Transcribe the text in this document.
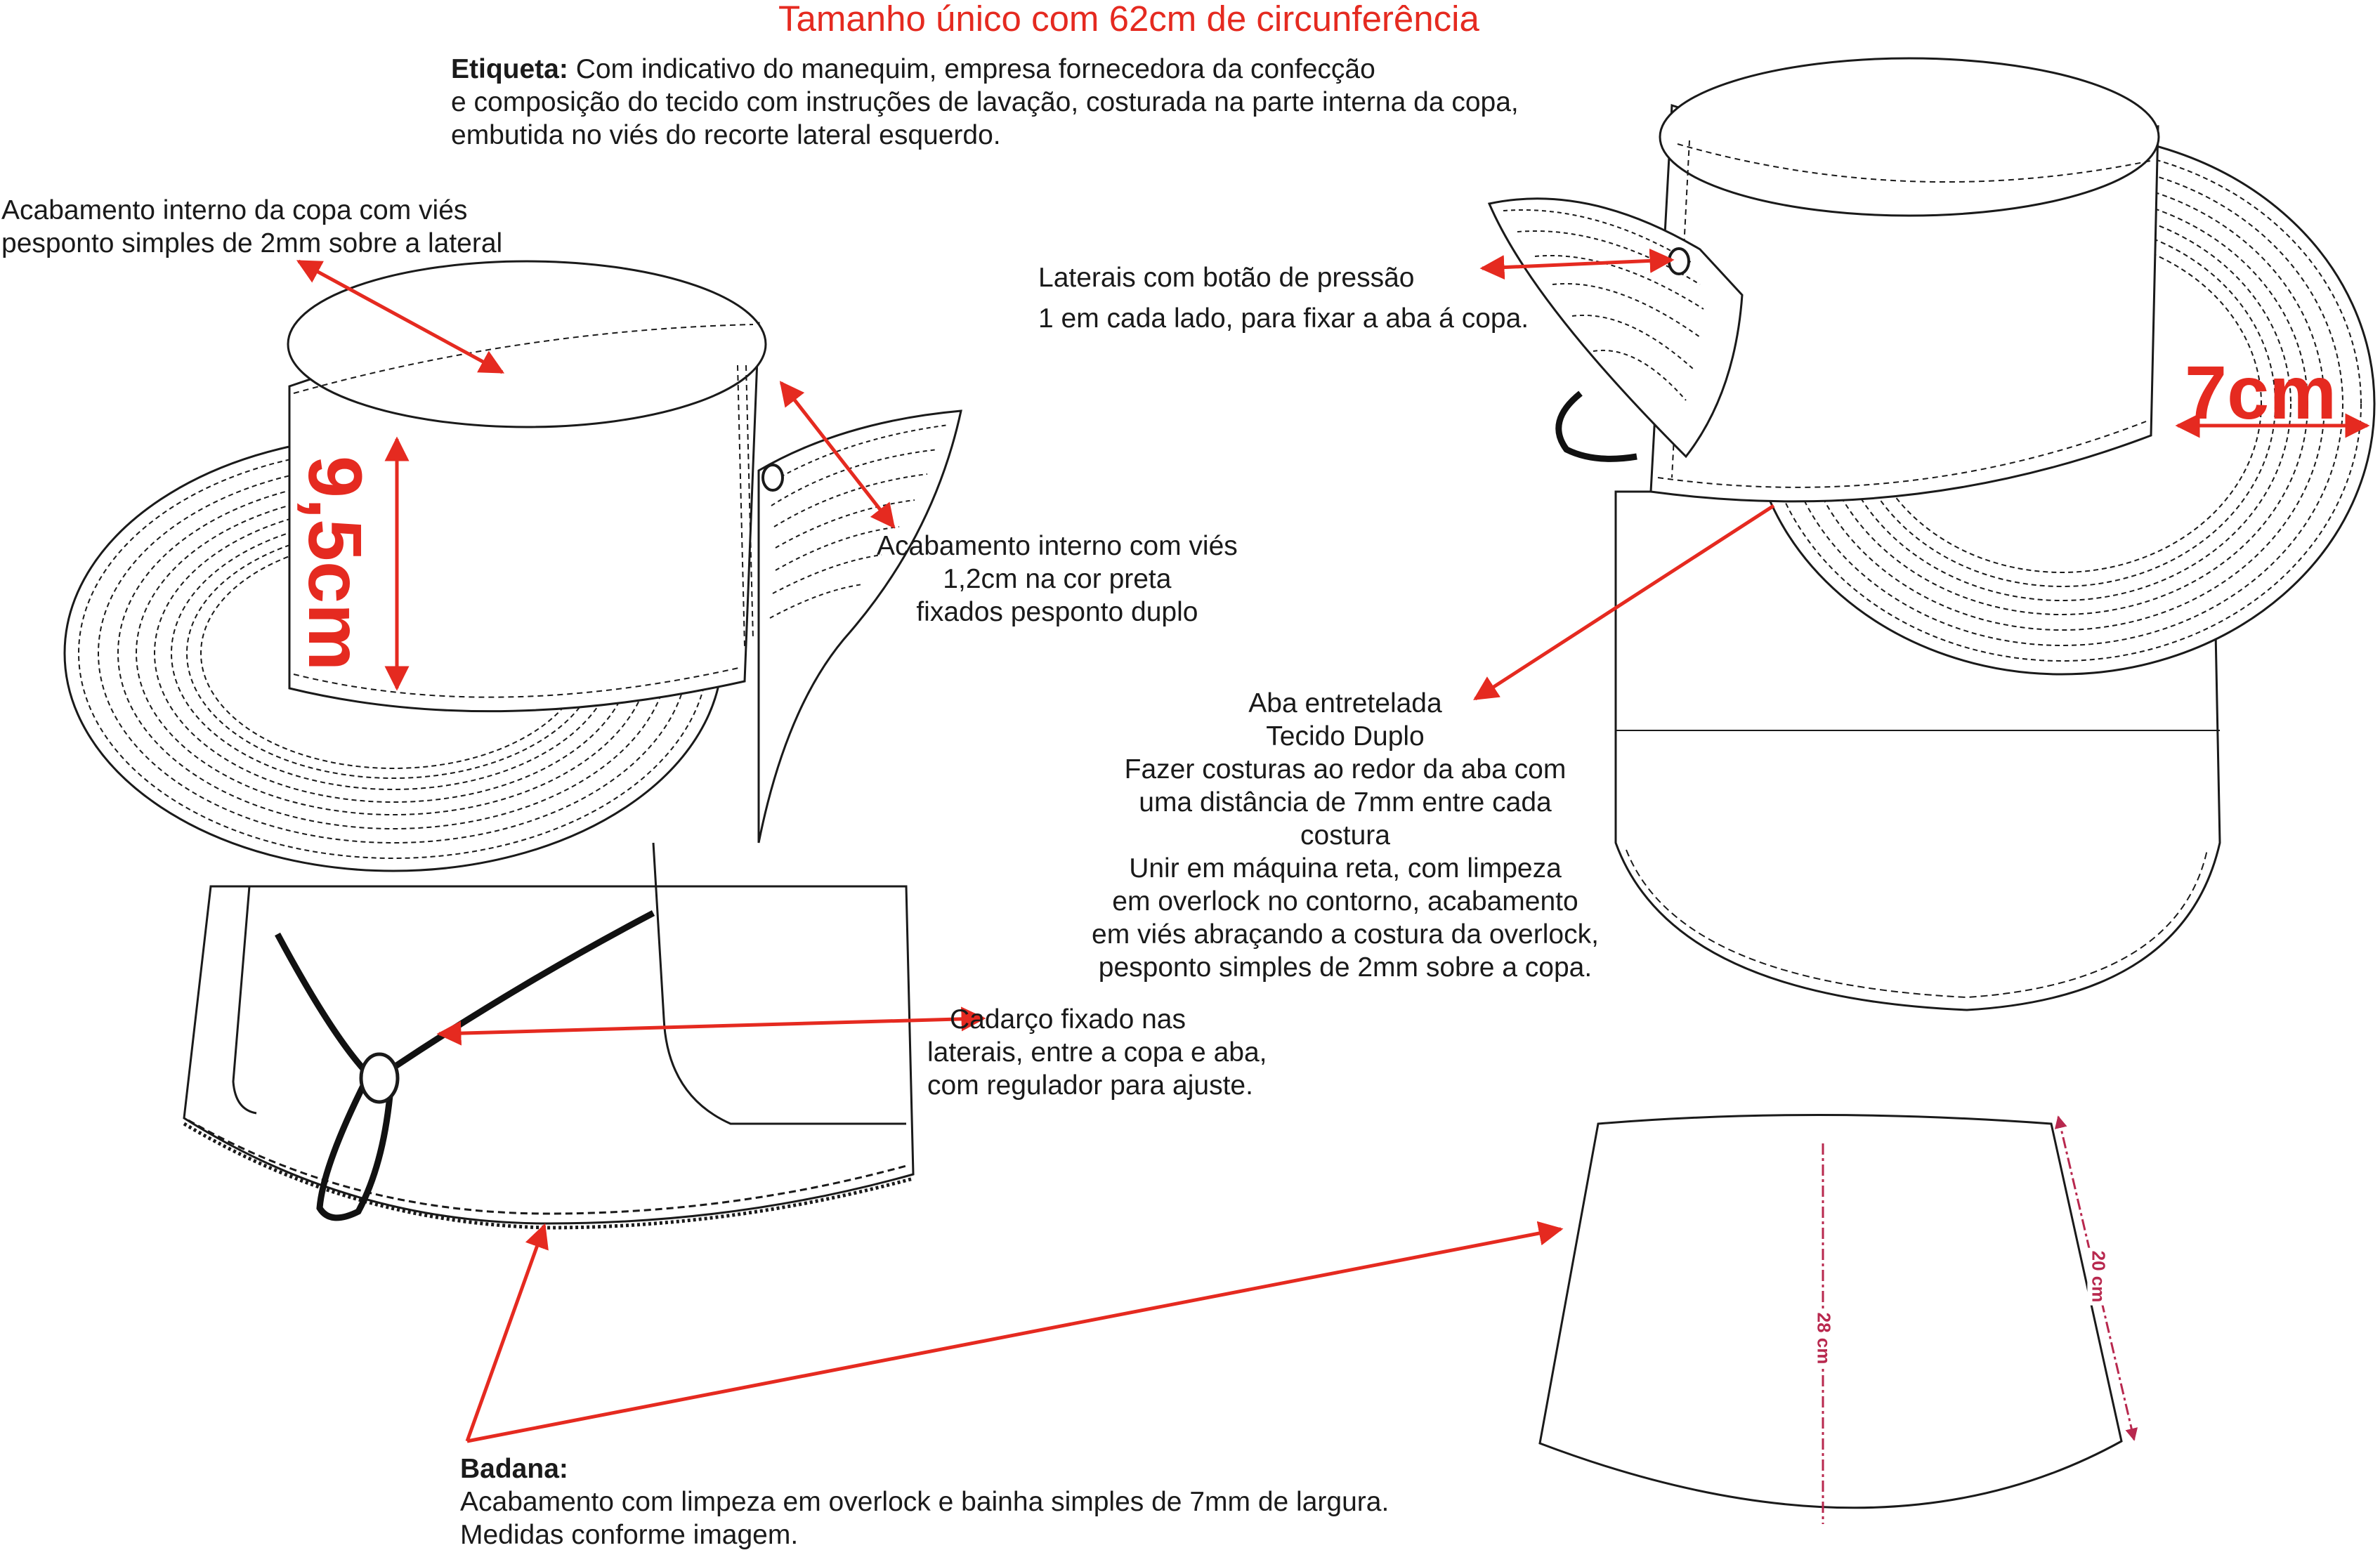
Tamanho único com 62cm de circunferência
Etiqueta: Com indicativo do manequim, empresa fornecedora da confecção
e composição do tecido com instruções de lavação, costurada na parte interna da copa,
embutida no viés do recorte lateral esquerdo.
Acabamento interno da copa com viés
pesponto simples de 2mm sobre a lateral
9,5cm	Acabamento interno com viés
1,2cm na cor preta
fixados pesponto duplo
Laterais com botão de pressão
1 em cada lado, para fixar a aba á copa.
7cm
Aba entretelada
Tecido Duplo
Fazer costuras ao redor da aba com
uma distância de 7mm entre cada
costura
Unir em máquina reta, com limpeza
em overlock no contorno, acabamento
em viés abraçando a costura da overlock,
pesponto simples de 2mm sobre a copa.
Cadarço fixado nas
laterais, entre a copa e aba,
com regulador para ajuste.
Badana:
Acabamento com limpeza em overlock e bainha simples de 7mm de largura.
Medidas conforme imagem.
28 cm
20 cm
